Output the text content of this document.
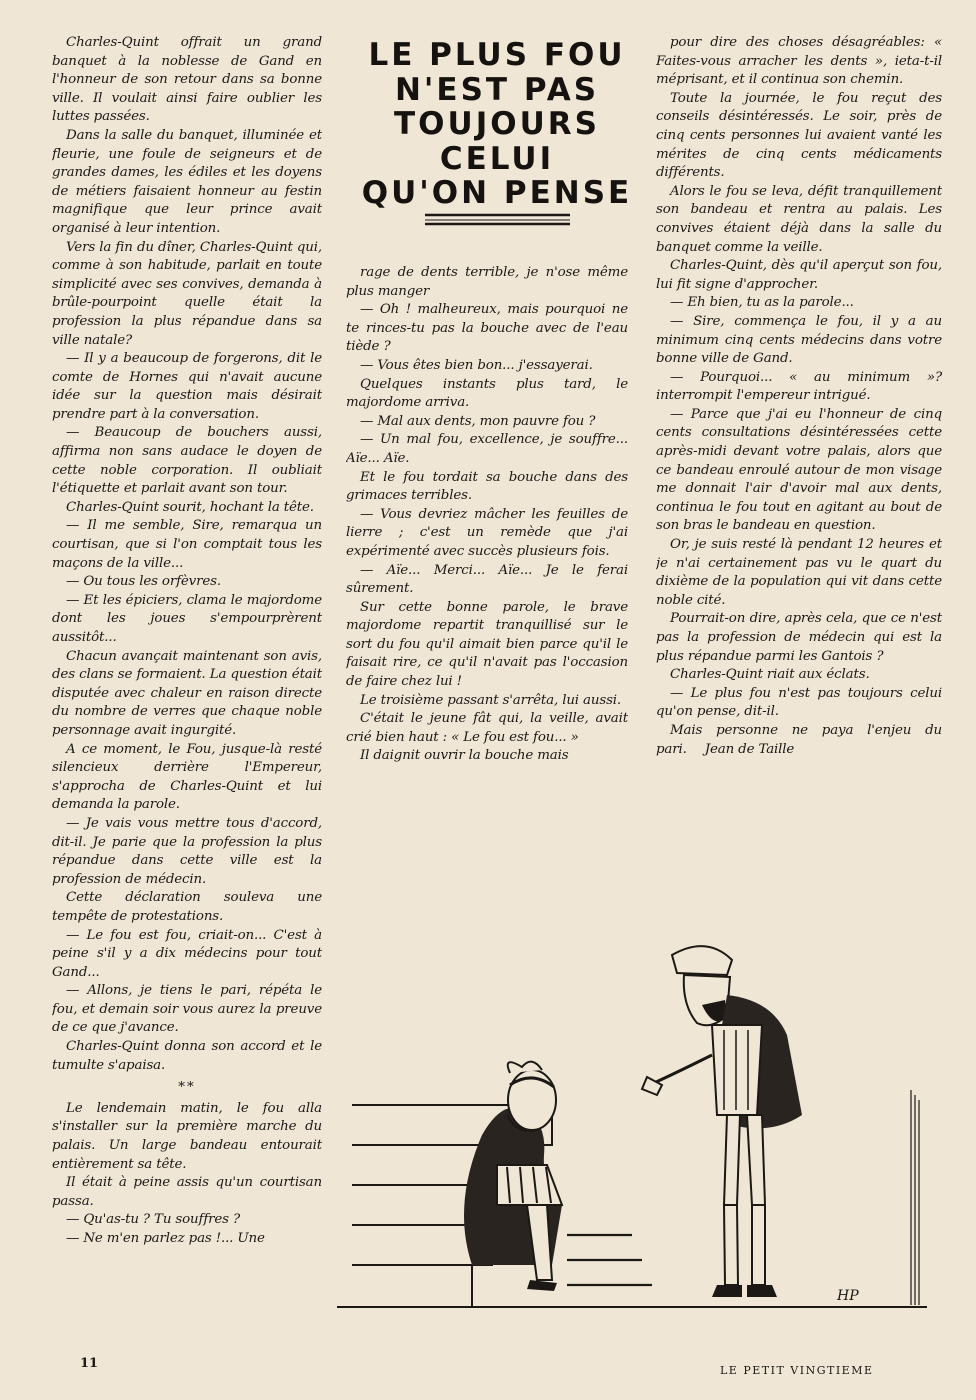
LE PLUS FOU
N'EST PAS
TOUJOURS
CELUI
QU'ON PENSE

Charles-Quint offrait un grand banquet à la noblesse de Gand en l'honneur de son retour dans sa bonne ville. Il voulait ainsi faire oublier les luttes passées.

Dans la salle du banquet, illuminée et fleurie, une foule de seigneurs et de grandes dames, les édiles et les doyens de métiers faisaient honneur au festin magnifique que leur prince avait organisé à leur intention.

Vers la fin du dîner, Charles-Quint qui, comme à son habitude, parlait en toute simplicité avec ses convives, demanda à brûle-pourpoint quelle était la profession la plus répandue dans sa ville natale?

— Il y a beaucoup de forgerons, dit le comte de Hornes qui n'avait aucune idée sur la question mais désirait prendre part à la conversation.

— Beaucoup de bouchers aussi, affirma non sans audace le doyen de cette noble corporation. Il oubliait l'étiquette et parlait avant son tour.

Charles-Quint sourit, hochant la tête.

— Il me semble, Sire, remarqua un courtisan, que si l'on comptait tous les maçons de la ville...

— Ou tous les orfèvres.

— Et les épiciers, clama le majordome dont les joues s'empourprèrent aussitôt...

Chacun avançait maintenant son avis, des clans se formaient. La question était disputée avec chaleur en raison directe du nombre de verres que chaque noble personnage avait ingurgité.

A ce moment, le Fou, jusque-là resté silencieux derrière l'Empereur, s'approcha de Charles-Quint et lui demanda la parole.

— Je vais vous mettre tous d'accord, dit-il. Je parie que la profession la plus répandue dans cette ville est la profession de médecin.

Cette déclaration souleva une tempête de protestations.

— Le fou est fou, criait-on... C'est à peine s'il y a dix médecins pour tout Gand...

— Allons, je tiens le pari, répéta le fou, et demain soir vous aurez la preuve de ce que j'avance.

Charles-Quint donna son accord et le tumulte s'apaisa.

**

Le lendemain matin, le fou alla s'installer sur la première marche du palais. Un large bandeau entourait entièrement sa tête.

Il était à peine assis qu'un courtisan passa.

— Qu'as-tu ? Tu souffres ?

— Ne m'en parlez pas !... Une

rage de dents terrible, je n'ose même plus manger

— Oh ! malheureux, mais pourquoi ne te rinces-tu pas la bouche avec de l'eau tiède ?

— Vous êtes bien bon... j'essayerai.

Quelques instants plus tard, le majordome arriva.

— Mal aux dents, mon pauvre fou ?

— Un mal fou, excellence, je souffre... Aïe... Aïe.

Et le fou tordait sa bouche dans des grimaces terribles.

— Vous devriez mâcher les feuilles de lierre ; c'est un remède que j'ai expérimenté avec succès plusieurs fois.

— Aïe... Merci... Aïe... Je le ferai sûrement.

Sur cette bonne parole, le brave majordome repartit tranquillisé sur le sort du fou qu'il aimait bien parce qu'il le faisait rire, ce qu'il n'avait pas l'occasion de faire chez lui !

Le troisième passant s'arrêta, lui aussi.

C'était le jeune fât qui, la veille, avait crié bien haut : « Le fou est fou... »

Il daignit ouvrir la bouche mais

pour dire des choses désagréables: « Faites-vous arracher les dents », ieta-t-il méprisant, et il continua son chemin.

Toute la journée, le fou reçut des conseils désintéressés. Le soir, près de cinq cents personnes lui avaient vanté les mérites de cinq cents médicaments différents.

Alors le fou se leva, défit tranquillement son bandeau et rentra au palais. Les convives étaient déjà dans la salle du banquet comme la veille.

Charles-Quint, dès qu'il aperçut son fou, lui fit signe d'approcher.

— Eh bien, tu as la parole...

— Sire, commença le fou, il y a au minimum cinq cents médecins dans votre bonne ville de Gand.

— Pourquoi... « au minimum »? interrompit l'empereur intrigué.

— Parce que j'ai eu l'honneur de cinq cents consultations désintéressées cette après-midi devant votre palais, alors que ce bandeau enroulé autour de mon visage me donnait l'air d'avoir mal aux dents, continua le fou tout en agitant au bout de son bras le bandeau en question.

Or, je suis resté là pendant 12 heures et je n'ai certainement pas vu le quart du dixième de la population qui vit dans cette noble cité.

Pourrait-on dire, après cela, que ce n'est pas la profession de médecin qui est la plus répandue parmi les Gantois ?

Charles-Quint riait aux éclats.

— Le plus fou n'est pas toujours celui qu'on pense, dit-il.

Mais personne ne paya l'enjeu du pari. Jean de Taille

HP
11	LE PETIT VINGTIEME
